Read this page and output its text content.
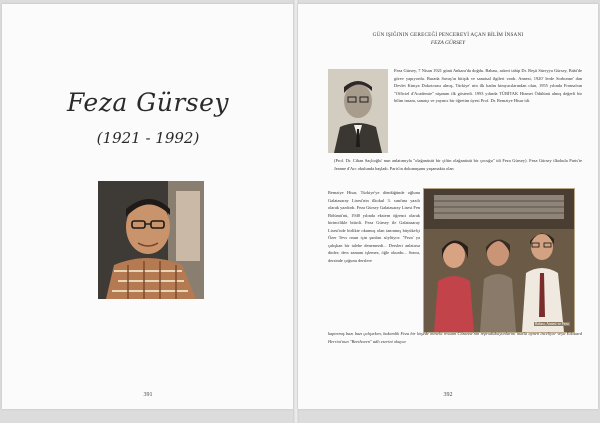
Feza Gürsey
(1921 - 1992)
391
GÜN IŞIĞININ GERECEĞİ PENCEREYİ AÇAN BİLİM İNSANI
FEZA GÜRSEY
Feza Gürsey, 7 Nisan 1921 günü Ankara'da doğdu. Babası, askeri tabip Dr. Reşit Süreyya Gürsey, Babi'de görev yapıyordu. Burada Savaş'ın bitişik ve sanatsal ilgileri vardı. Annesi, 1920' lerde Sorbonne' dan Devlet Kimya Dokotorası almış, Türkiye' nin ilk kadın kimyacılarından olan, 1955 yılında Fransa'nın "Officiel d'Academie" nişanını ilk gösterdi. 1993 yılında TÜBİTAK Hizmet Ödülünü almış değerli bir bilim insanı, sanatçı ve yayıncı bir öğretim üyesi Prof. Dr. Remziye Hisar idi.
(Prof. Dr. Cihan Saçlıoğlu' nun anlatımıyla "olağanüstü bir çiftin olağanüstü bir çocuğu" idi Feza Gürsey). Feza Gürsey ilkokula Paris'te Jeanne d'Arc okulunda başladı. Paris'in dokunuşunu yaşamakta olan
Remziye Hisar, Türkiye'ye döndüğünde oğlunu Galatasaray Lisesi'nin ilkokul 3. sınıfına yazılı olarak yazdırdı. Feza Gürsey Galatasaray Lisesi Fen Bölümü'nü, 1940 yılında ekstern öğrenci olarak birincilikle bitirdi. Feza Gürsey ile Galatasaray Lisesi'nde birlikte okumuş olan tanınmış büyükelçi Özer Tevs onun için şunları söylüyor: "Feza' ya çalışkan bir talebe denemezdi... Dersleri anlatırsa dinler; ders zamanı işlemez, öğle okurdu... Sonra, dersinde çoğunu derslere
Babası, Annesi ve Feza
kaptırmış bazı bazı çalışırken, hakemlik Feza bir köşede mesela ressam Cézanne'nin reprodüksiyonlarını inatla aynen inceliyor veya Edouard Herriot'nun "Beethoven" adlı eserini okuyor.
392
